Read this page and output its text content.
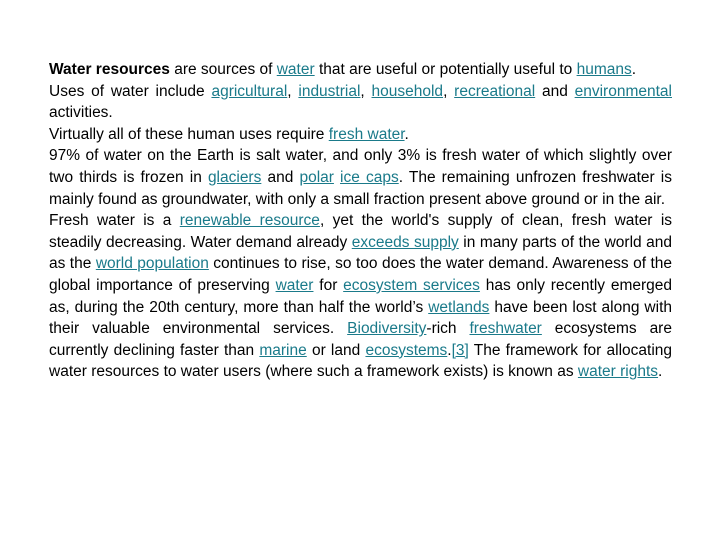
Water resources are sources of water that are useful or potentially useful to humans.

Uses of water include agricultural, industrial, household, recreational and environmental activities.

Virtually all of these human uses require fresh water.

97% of water on the Earth is salt water, and only 3% is fresh water of which slightly over two thirds is frozen in glaciers and polar ice caps. The remaining unfrozen freshwater is mainly found as groundwater, with only a small fraction present above ground or in the air.

Fresh water is a renewable resource, yet the world's supply of clean, fresh water is steadily decreasing. Water demand already exceeds supply in many parts of the world and as the world population continues to rise, so too does the water demand. Awareness of the global importance of preserving water for ecosystem services has only recently emerged as, during the 20th century, more than half the world’s wetlands have been lost along with their valuable environmental services. Biodiversity-rich freshwater ecosystems are currently declining faster than marine or land ecosystems.[3] The framework for allocating water resources to water users (where such a framework exists) is known as water rights.
